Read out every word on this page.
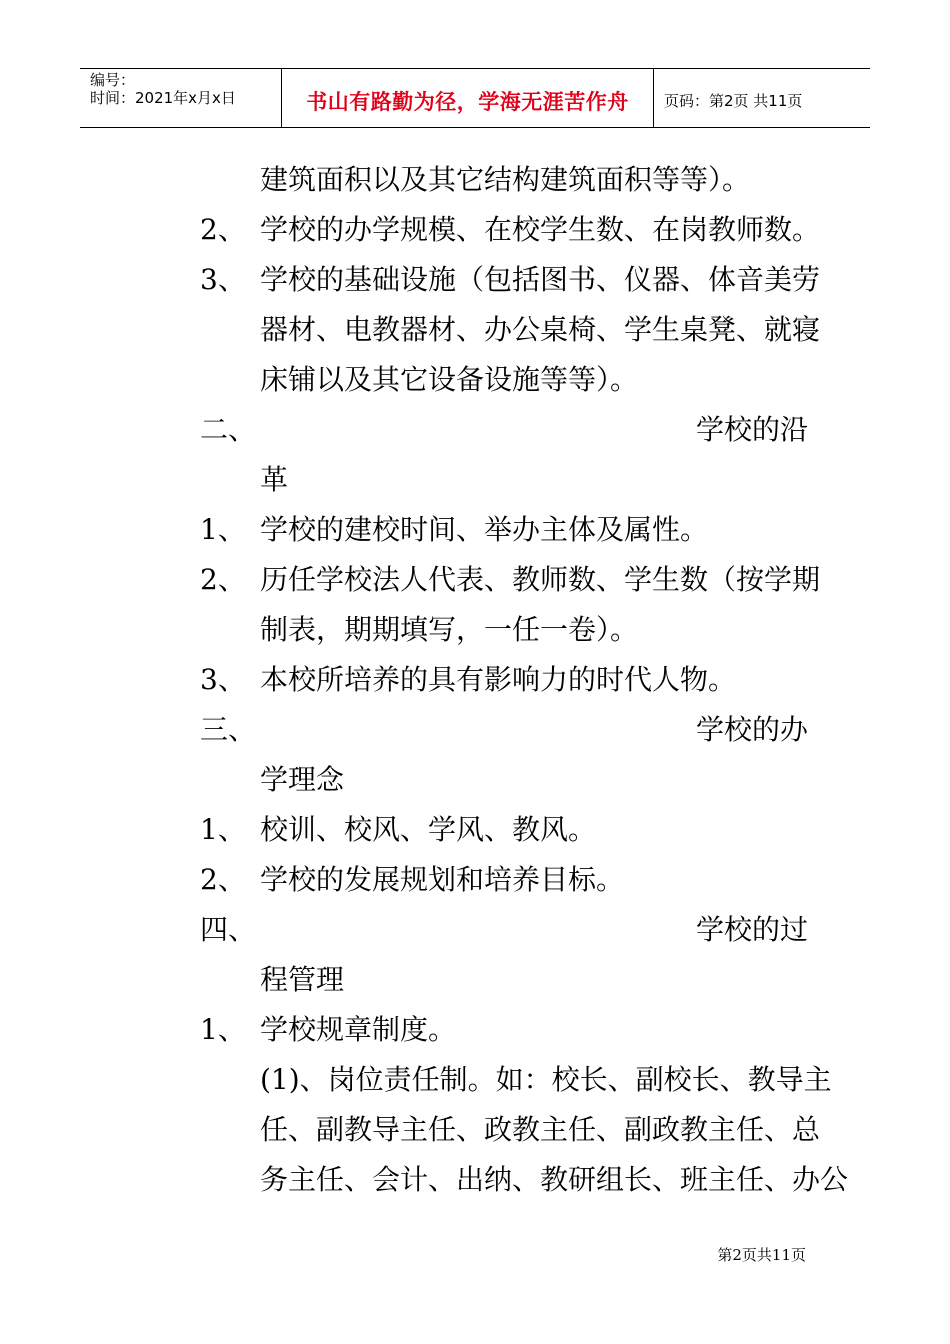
编号：
时间：2021年x月x日	书山有路勤为径，学海无涯苦作舟	页码：第2页 共11页
建筑面积以及其它结构建筑面积等等）。
2、 学校的办学规模、在校学生数、在岗教师数。
3、 学校的基础设施（包括图书、仪器、体音美劳
器材、电教器材、办公桌椅、学生桌凳、就寝
床铺以及其它设备设施等等）。
二、	学校的沿
革
1、 学校的建校时间、举办主体及属性。
2、 历任学校法人代表、教师数、学生数（按学期
制表，期期填写，一任一卷）。
3、 本校所培养的具有影响力的时代人物。
三、	学校的办
学理念
1、 校训、校风、学风、教风。
2、 学校的发展规划和培养目标。
四、	学校的过
程管理
1、 学校规章制度。
(1)、岗位责任制。如：校长、副校长、教导主
任、副教导主任、政教主任、副政教主任、总
务主任、会计、出纳、教研组长、班主任、办公
第2页共11页
